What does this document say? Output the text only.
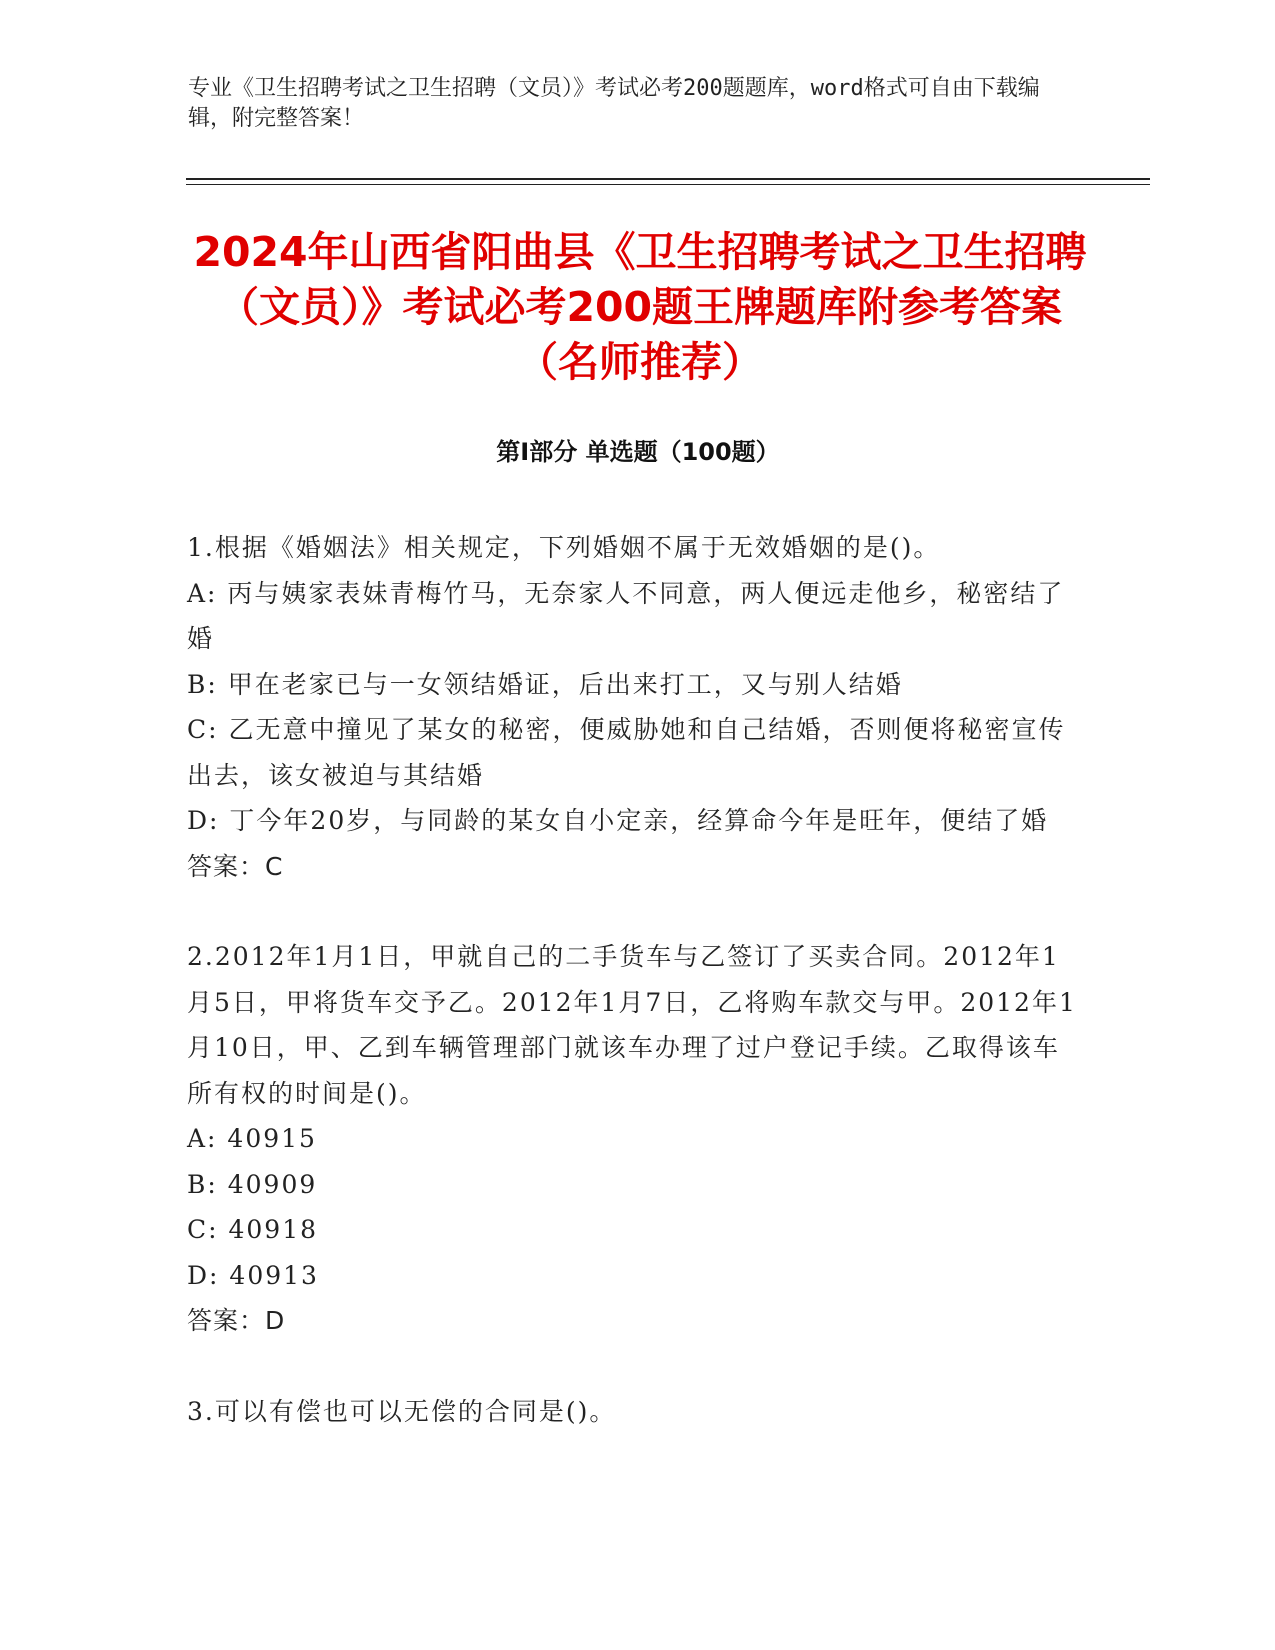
专业《卫生招聘考试之卫生招聘（文员）》考试必考200题题库，word格式可自由下载编辑，附完整答案！
2024年山西省阳曲县《卫生招聘考试之卫生招聘（文员）》考试必考200题王牌题库附参考答案（名师推荐）
第I部分 单选题（100题）

1.根据《婚姻法》相关规定，下列婚姻不属于无效婚姻的是()。

A: 丙与姨家表妹青梅竹马，无奈家人不同意，两人便远走他乡，秘密结了婚

B: 甲在老家已与一女领结婚证，后出来打工，又与别人结婚

C: 乙无意中撞见了某女的秘密，便威胁她和自己结婚，否则便将秘密宣传出去，该女被迫与其结婚

D: 丁今年20岁，与同龄的某女自小定亲，经算命今年是旺年，便结了婚

答案：C

2.2012年1月1日，甲就自己的二手货车与乙签订了买卖合同。2012年1月5日，甲将货车交予乙。2012年1月7日，乙将购车款交与甲。2012年1月10日，甲、乙到车辆管理部门就该车办理了过户登记手续。乙取得该车所有权的时间是()。

A: 40915

B: 40909

C: 40918

D: 40913

答案：D

3.可以有偿也可以无偿的合同是()。
